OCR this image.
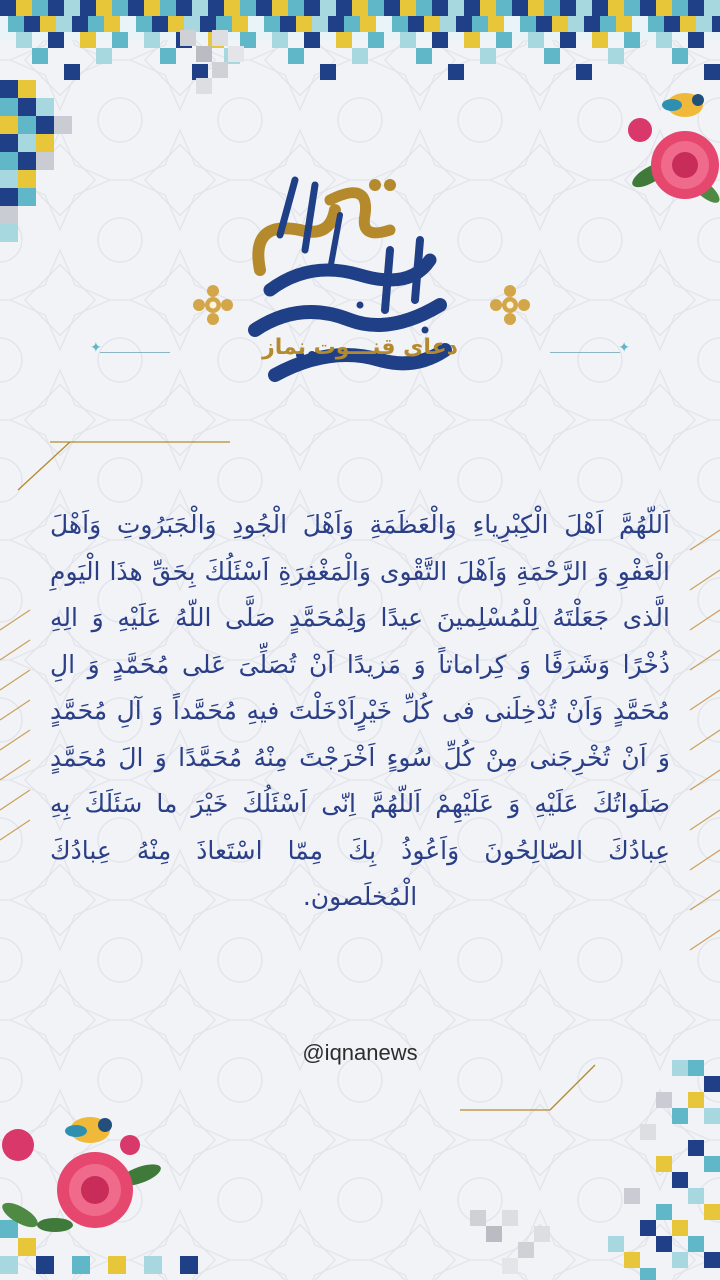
✦	✦
دعای قنـــوت نماز
اَللّهُمَّ اَهْلَ الْكِبْرِياءِ وَالْعَظَمَةِ وَاَهْلَ الْجُودِ وَالْجَبَرُوتِ وَاَهْلَ الْعَفْوِ وَ الرَّحْمَةِ وَاَهْلَ التَّقْوى وَالْمَغْفِرَةِ اَسْئَلُكَ بِحَقِّ هذَا الْيَومِ الَّذى جَعَلْتَهُ لِلْمُسْلِمينَ عيدًا وَلِمُحَمَّدٍ صَلَّى اللّهُ عَلَيْهِ وَ الِهِ ذُخْرًا وَشَرَفًا وَ كِراماتاً وَ مَزيدًا اَنْ تُصَلِّىَ عَلى مُحَمَّدٍ وَ الِ مُحَمَّدٍ وَاَنْ تُدْخِلَنى فى كُلِّ خَيْرٍاَدْخَلْتَ فيهِ مُحَمَّداً وَ آلِ مُحَمَّدٍ وَ اَنْ تُخْرِجَنى مِنْ كُلِّ سُوءٍ اَخْرَجْتَ مِنْهُ مُحَمَّدًا وَ الَ مُحَمَّدٍ صَلَواتُكَ عَلَيْهِ وَ عَلَيْهِمْ اَللّهُمَّ اِنّى اَسْئَلُكَ خَيْرَ ما سَئَلَكَ بِهِ عِبادُكَ الصّالِحُونَ وَاَعُوذُ بِكَ مِمّا اسْتَعاذَ مِنْهُ عِبادُكَ الْمُخلَصون.
@iqnanews
